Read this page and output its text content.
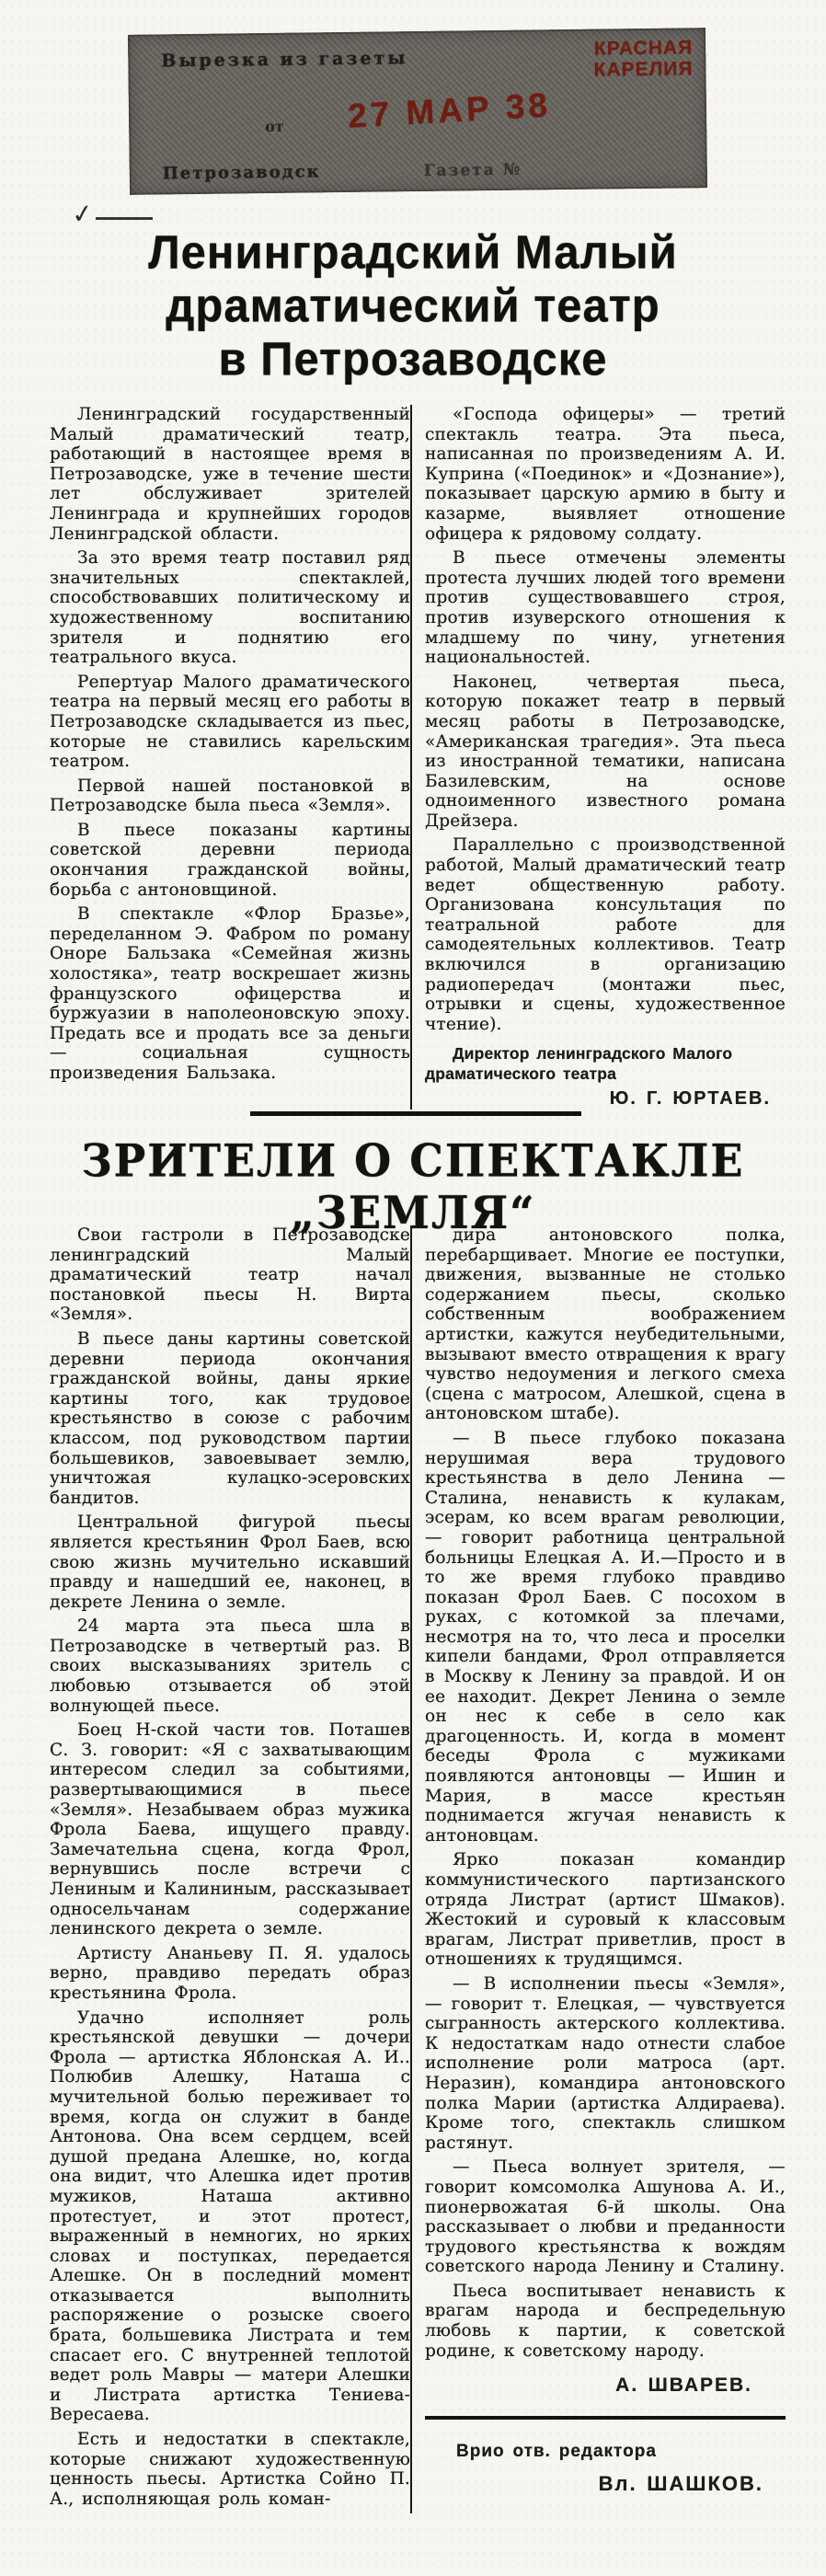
Вырезка из газеты	КРАСНАЯ
КАРЕЛИЯ
от 27 МАР 38
Петрозаводск	Газета №
✓
Ленинградский Малый
драматический театр
в Петрозаводске

Ленинградский государственный Малый драматический театр, работающий в настоящее время в Петрозаводске, уже в течение шести лет обслуживает зрителей Ленинграда и крупнейших городов Ленинградской области.

За это время театр поставил ряд значительных спектаклей, способствовавших политическому и художественному воспитанию зрителя и поднятию его театрального вкуса.

Репертуар Малого драматического театра на первый месяц его работы в Петрозаводске складывается из пьес, которые не ставились карельским театром.

Первой нашей постановкой в Петрозаводске была пьеса «Земля».

В пьесе показаны картины советской деревни периода окончания гражданской войны, борьба с антоновщиной.

В спектакле «Флор Бразье», переделанном Э. Фабром по роману Оноре Бальзака «Семейная жизнь холостяка», театр воскрешает жизнь французского офицерства и буржуазии в наполеоновскую эпоху. Предать все и продать все за деньги — социальная сущность произведения Бальзака.

«Господа офицеры» — третий спектакль театра. Эта пьеса, написанная по произведениям А. И. Куприна («Поединок» и «Дознание»), показывает царскую армию в быту и казарме, выявляет отношение офицера к рядовому солдату.

В пьесе отмечены элементы протеста лучших людей того времени против существовавшего строя, против изуверского отношения к младшему по чину, угнетения национальностей.

Наконец, четвертая пьеса, которую покажет театр в первый месяц работы в Петрозаводске, «Американская трагедия». Эта пьеса из иностранной тематики, написана Базилевским, на основе одноименного известного романа Дрейзера.

Параллельно с производственной работой, Малый драматический театр ведет общественную работу. Организована консультация по театральной работе для самодеятельных коллективов. Театр включился в организацию радиопередач (монтажи пьес, отрывки и сцены, художественное чтение).

Директор ленинградского Малого драматического театра
Ю. Г. ЮРТАЕВ.
ЗРИТЕЛИ О СПЕКТАКЛЕ „ЗЕМЛЯ“

Свои гастроли в Петрозаводске ленинградский Малый драматический театр начал постановкой пьесы Н. Вирта «Земля».

В пьесе даны картины советской деревни периода окончания гражданской войны, даны яркие картины того, как трудовое крестьянство в союзе с рабочим классом, под руководством партии большевиков, завоевывает землю, уничтожая кулацко-эсеровских бандитов.

Центральной фигурой пьесы является крестьянин Фрол Баев, всю свою жизнь мучительно искавший правду и нашедший ее, наконец, в декрете Ленина о земле.

24 марта эта пьеса шла в Петрозаводске в четвертый раз. В своих высказываниях зритель с любовью отзывается об этой волнующей пьесе.

Боец Н-ской части тов. Поташев С. З. говорит: «Я с захватывающим интересом следил за событиями, развертывающимися в пьесе «Земля». Незабываем образ мужика Фрола Баева, ищущего правду. Замечательна сцена, когда Фрол, вернувшись после встречи с Лениным и Калининым, рассказывает односельчанам содержание ленинского декрета о земле.

Артисту Ананьеву П. Я. удалось верно, правдиво передать образ крестьянина Фрола.

Удачно исполняет роль крестьянской девушки — дочери Фрола — артистка Яблонская А. И.. Полюбив Алешку, Наташа с мучительной болью переживает то время, когда он служит в банде Антонова. Она всем сердцем, всей душой предана Алешке, но, когда она видит, что Алешка идет против мужиков, Наташа активно протестует, и этот протест, выраженный в немногих, но ярких словах и поступках, передается Алешке. Он в последний момент отказывается выполнить распоряжение о розыске своего брата, большевика Листрата и тем спасает его. С внутренней теплотой ведет роль Мавры — матери Алешки и Листрата артистка Тениева-Вересаева.

Есть и недостатки в спектакле, которые снижают художественную ценность пьесы. Артистка Сойно П. А., исполняющая роль коман-

дира антоновского полка, перебарщивает. Многие ее поступки, движения, вызванные не столько содержанием пьесы, сколько собственным воображением артистки, кажутся неубедительными, вызывают вместо отвращения к врагу чувство недоумения и легкого смеха (сцена с матросом, Алешкой, сцена в антоновском штабе).

— В пьесе глубоко показана нерушимая вера трудового крестьянства в дело Ленина — Сталина, ненависть к кулакам, эсерам, ко всем врагам революции, — говорит работница центральной больницы Елецкая А. И.—Просто и в то же время глубоко правдиво показан Фрол Баев. С посохом в руках, с котомкой за плечами, несмотря на то, что леса и проселки кипели бандами, Фрол отправляется в Москву к Ленину за правдой. И он ее находит. Декрет Ленина о земле он нес к себе в село как драгоценность. И, когда в момент беседы Фрола с мужиками появляются антоновцы — Ишин и Мария, в массе крестьян поднимается жгучая ненависть к антоновцам.

Ярко показан командир коммунистического партизанского отряда Листрат (артист Шмаков). Жестокий и суровый к классовым врагам, Листрат приветлив, прост в отношениях к трудящимся.

— В исполнении пьесы «Земля», — говорит т. Елецкая, — чувствуется сыгранность актерского коллектива. К недостаткам надо отнести слабое исполнение роли матроса (арт. Неразин), командира антоновского полка Марии (артистка Алдираева). Кроме того, спектакль слишком растянут.

— Пьеса волнует зрителя, — говорит комсомолка Ашунова А. И., пионервожатая 6-й школы. Она рассказывает о любви и преданности трудового крестьянства к вождям советского народа Ленину и Сталину.

Пьеса воспитывает ненависть к врагам народа и беспредельную любовь к партии, к советской родине, к советскому народу.

А. ШВАРЕВ.
Врио отв. редактора
Вл. ШАШКОВ.
